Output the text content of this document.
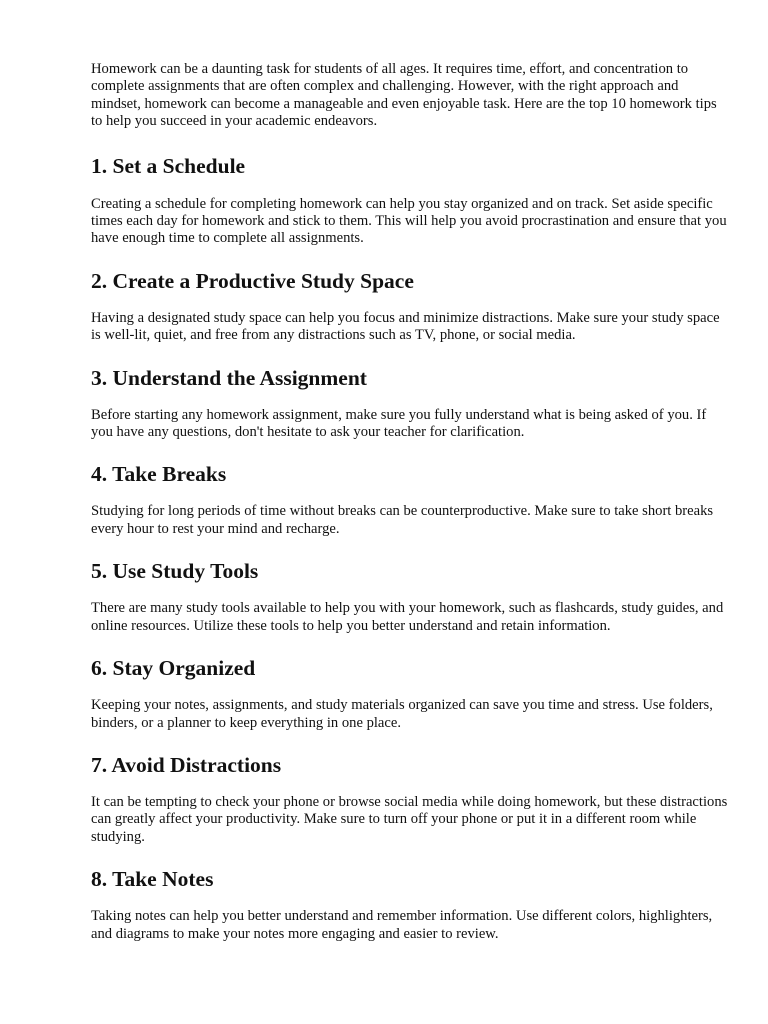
Homework can be a daunting task for students of all ages. It requires time, effort, and concentration to complete assignments that are often complex and challenging. However, with the right approach and mindset, homework can become a manageable and even enjoyable task. Here are the top 10 homework tips to help you succeed in your academic endeavors.

1. Set a Schedule

Creating a schedule for completing homework can help you stay organized and on track. Set aside specific times each day for homework and stick to them. This will help you avoid procrastination and ensure that you have enough time to complete all assignments.

2. Create a Productive Study Space

Having a designated study space can help you focus and minimize distractions. Make sure your study space is well-lit, quiet, and free from any distractions such as TV, phone, or social media.

3. Understand the Assignment

Before starting any homework assignment, make sure you fully understand what is being asked of you. If you have any questions, don't hesitate to ask your teacher for clarification.

4. Take Breaks

Studying for long periods of time without breaks can be counterproductive. Make sure to take short breaks every hour to rest your mind and recharge.

5. Use Study Tools

There are many study tools available to help you with your homework, such as flashcards, study guides, and online resources. Utilize these tools to help you better understand and retain information.

6. Stay Organized

Keeping your notes, assignments, and study materials organized can save you time and stress. Use folders, binders, or a planner to keep everything in one place.

7. Avoid Distractions

It can be tempting to check your phone or browse social media while doing homework, but these distractions can greatly affect your productivity. Make sure to turn off your phone or put it in a different room while studying.

8. Take Notes

Taking notes can help you better understand and remember information. Use different colors, highlighters, and diagrams to make your notes more engaging and easier to review.
